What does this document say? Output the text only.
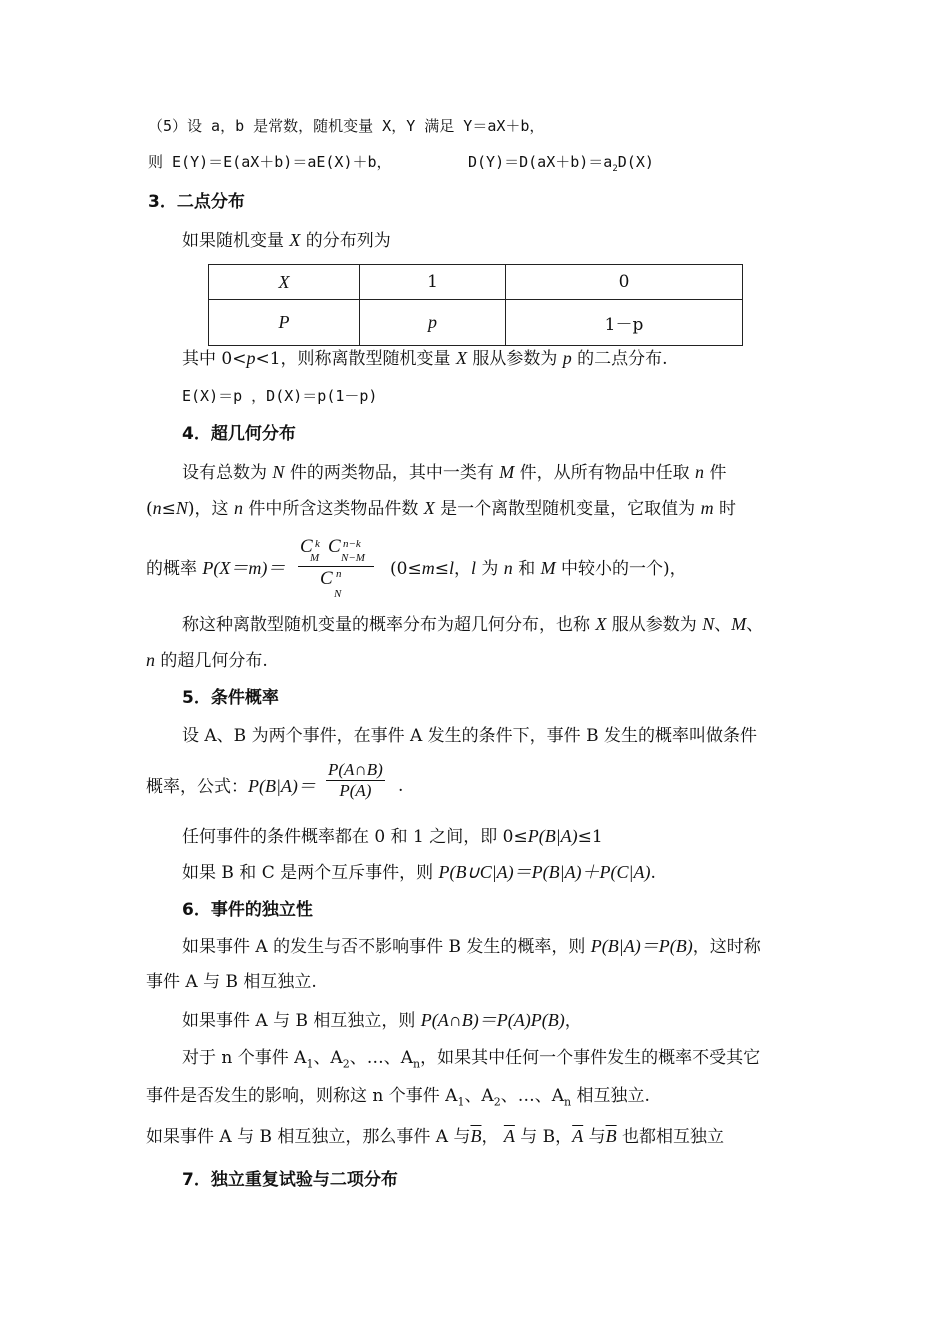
（5）设 a，b 是常数，随机变量 X，Y 满足 Y＝aX＋b，
则 E(Y)＝E(aX＋b)＝aE(X)＋b，	$D(Y)=D(aX+b)=a_2D(X)$
3．二点分布
如果随机变量 X 的分布列为
X	1	0
P	p	1－p
其中 0<p<1，则称离散型随机变量 X 服从参数为 p 的二点分布.
E(X)＝p ，D(X)＝p(1－p)
4．超几何分布
设有总数为 N 件的两类物品，其中一类有 M 件，从所有物品中任取 n 件
(n≤N)，这 n 件中所含这类物品件数 X 是一个离散型随机变量，它取值为 m 时
的概率 P(X＝m)＝
C k
M
C n−k
N−M
C n
N
(0≤m≤l，l 为 n 和 M 中较小的一个)，
称这种离散型随机变量的概率分布为超几何分布，也称 X 服从参数为 N、M、
n 的超几何分布.
5．条件概率
设 A、B 为两个事件，在事件 A 发生的条件下，事件 B 发生的概率叫做条件
概率，公式：$P(B|A)= \frac{P(A\cap B)}{P(A)}$ .
任何事件的条件概率都在 0 和 1 之间，即 0≤P(B|A)≤1
如果 B 和 C 是两个互斥事件，则 P(B∪C|A)＝P(B|A)＋P(C|A).
6．事件的独立性
如果事件 A 的发生与否不影响事件 B 发生的概率，则 P(B|A)＝P(B)，这时称
事件 A 与 B 相互独立.
如果事件 A 与 B 相互独立，则 P(A∩B)＝P(A)P(B)，
对于 n 个事件 $A_1$、$A_2$、…、$A_n$，如果其中任何一个事件发生的概率不受其它
事件是否发生的影响，则称这 n 个事件 $A_1$、$A_2$、…、$A_n$ 相互独立.
如果事件 A 与 B 相互独立，那么事件 A 与$\overline{B}$， $\overline{A}$ 与 B，$\overline{A}$ 与$\overline{B}$ 也都相互独立
7．独立重复试验与二项分布
